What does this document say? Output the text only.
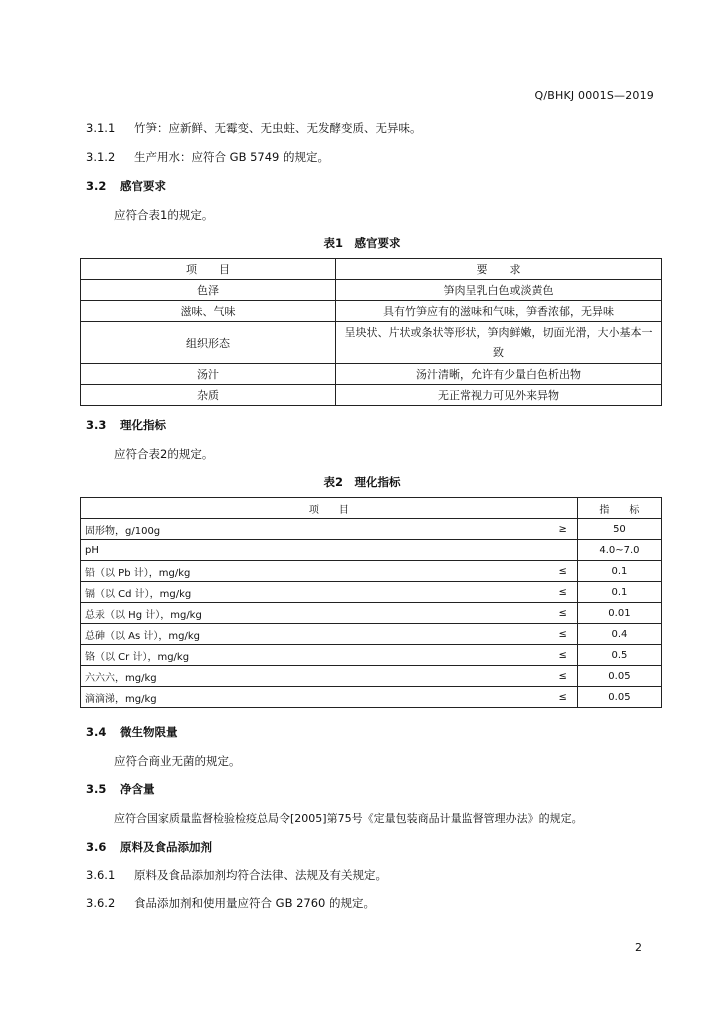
Q/BHKJ 0001S—2019
3.1.1 竹笋：应新鲜、无霉变、无虫蛀、无发酵变质、无异味。
3.1.2 生产用水：应符合 GB 5749 的规定。
3.2 感官要求
应符合表1的规定。
表1　感官要求
项　　目	要　　求
色泽	笋肉呈乳白色或淡黄色
滋味、气味	具有竹笋应有的滋味和气味，笋香浓郁，无异味
组织形态	呈块状、片状或条状等形状，笋肉鲜嫩，切面光滑，大小基本一致
汤汁	汤汁清晰，允许有少量白色析出物
杂质	无正常视力可见外来异物
3.3 理化指标
应符合表2的规定。
表2　理化指标
项　　目		指　　标
固形物，g/100g	≥	50
pH		4.0~7.0
铅（以 Pb 计），mg/kg	≤	0.1
镉（以 Cd 计），mg/kg	≤	0.1
总汞（以 Hg 计），mg/kg	≤	0.01
总砷（以 As 计），mg/kg	≤	0.4
铬（以 Cr 计），mg/kg	≤	0.5
六六六，mg/kg	≤	0.05
滴滴涕，mg/kg	≤	0.05
3.4 微生物限量
应符合商业无菌的规定。
3.5 净含量
应符合国家质量监督检验检疫总局令[2005]第75号《定量包装商品计量监督管理办法》的规定。
3.6 原料及食品添加剂
3.6.1 原料及食品添加剂均符合法律、法规及有关规定。
3.6.2 食品添加剂和使用量应符合 GB 2760 的规定。
2
